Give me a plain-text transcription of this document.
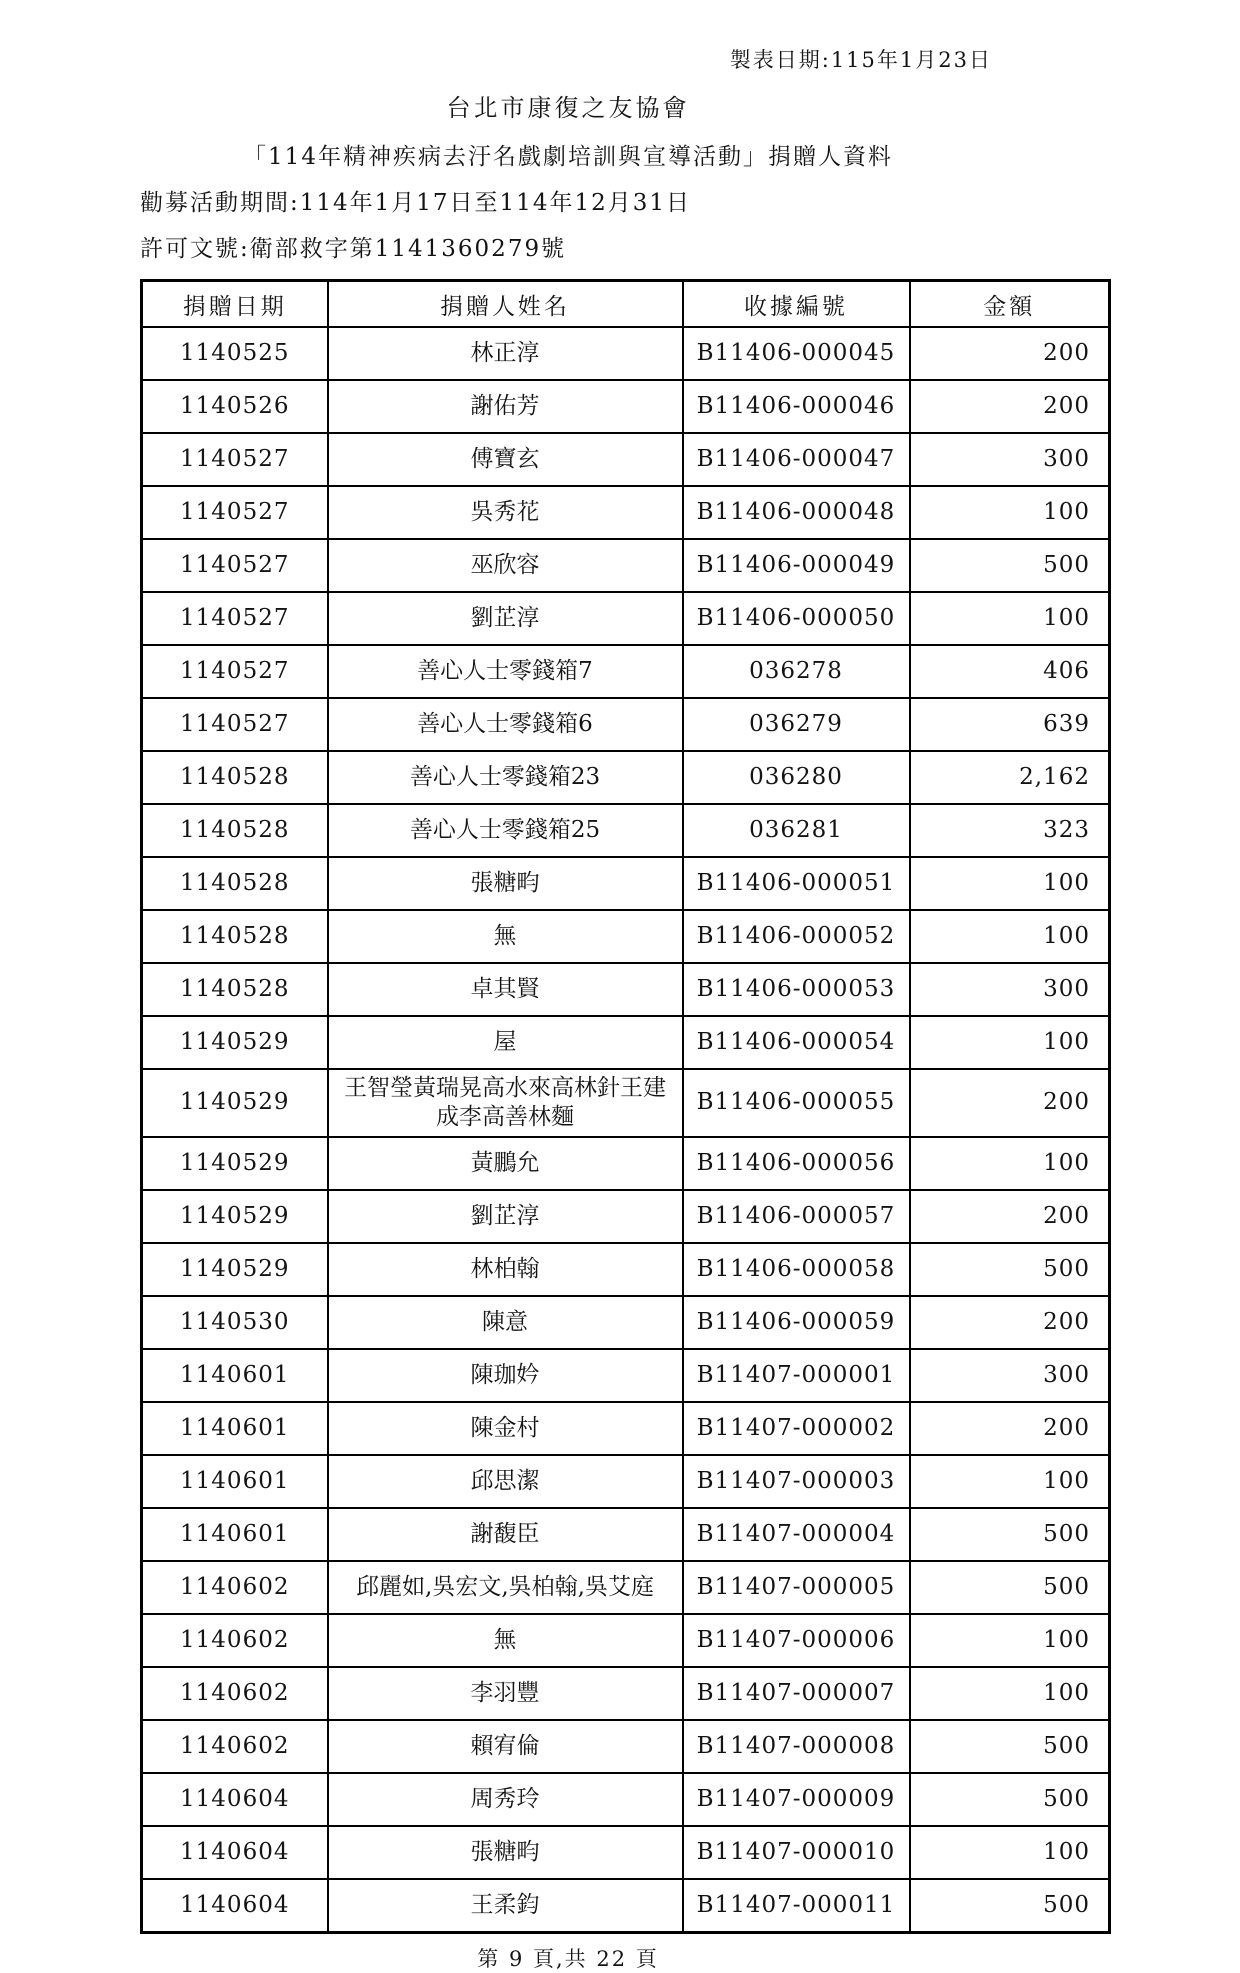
製表日期:115年1月23日
台北市康復之友協會
「114年精神疾病去汙名戲劇培訓與宣導活動」捐贈人資料
勸募活動期間:114年1月17日至114年12月31日
許可文號:衛部救字第1141360279號
捐贈日期	捐贈人姓名	收據編號	金額
1140525	林正淳	B11406-000045	200
1140526	謝佑芳	B11406-000046	200
1140527	傅寶玄	B11406-000047	300
1140527	吳秀花	B11406-000048	100
1140527	巫欣容	B11406-000049	500
1140527	劉芷淳	B11406-000050	100
1140527	善心人士零錢箱7	036278	406
1140527	善心人士零錢箱6	036279	639
1140528	善心人士零錢箱23	036280	2,162
1140528	善心人士零錢箱25	036281	323
1140528	張糖畇	B11406-000051	100
1140528	無	B11406-000052	100
1140528	卓其賢	B11406-000053	300
1140529	屋	B11406-000054	100
1140529	王智瑩黃瑞晃高水來高林針王建成李高善林麵	B11406-000055	200
1140529	黃鵬允	B11406-000056	100
1140529	劉芷淳	B11406-000057	200
1140529	林柏翰	B11406-000058	500
1140530	陳意	B11406-000059	200
1140601	陳珈妗	B11407-000001	300
1140601	陳金村	B11407-000002	200
1140601	邱思潔	B11407-000003	100
1140601	謝馥臣	B11407-000004	500
1140602	邱麗如,吳宏文,吳柏翰,吳艾庭	B11407-000005	500
1140602	無	B11407-000006	100
1140602	李羽豐	B11407-000007	100
1140602	賴宥倫	B11407-000008	500
1140604	周秀玲	B11407-000009	500
1140604	張糖畇	B11407-000010	100
1140604	王柔鈞	B11407-000011	500
第 9 頁,共 22 頁
